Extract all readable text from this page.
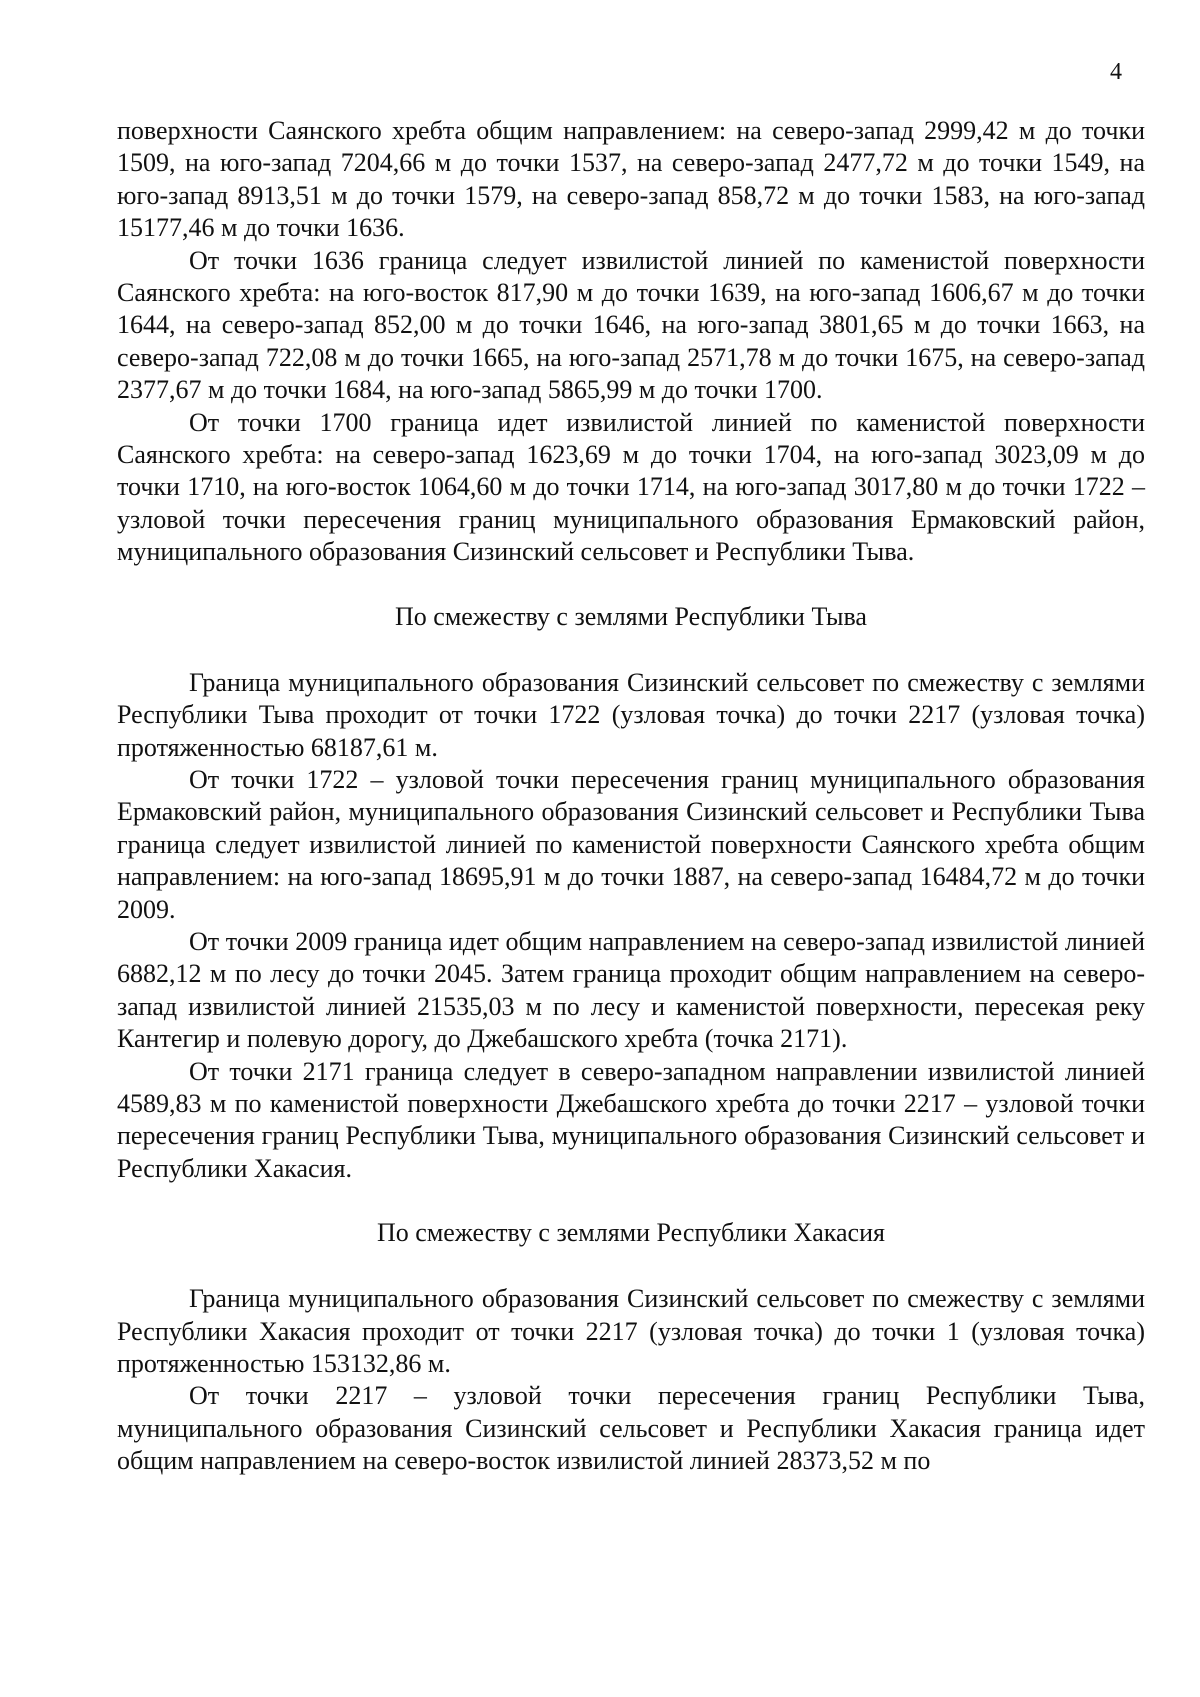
4

поверхности Саянского хребта общим направлением: на северо-запад 2999,42 м до точки 1509, на юго-запад 7204,66 м до точки 1537, на северо-запад 2477,72 м до точки 1549, на юго-запад 8913,51 м до точки 1579, на северо-запад 858,72 м до точки 1583, на юго-запад 15177,46 м до точки 1636.

От точки 1636 граница следует извилистой линией по каменистой поверхности Саянского хребта: на юго-восток 817,90 м до точки 1639, на юго-запад 1606,67 м до точки 1644, на северо-запад 852,00 м до точки 1646, на юго-запад 3801,65 м до точки 1663, на северо-запад 722,08 м до точки 1665, на юго-запад 2571,78 м до точки 1675, на северо-запад 2377,67 м до точки 1684, на юго-запад 5865,99 м до точки 1700.

От точки 1700 граница идет извилистой линией по каменистой поверхности Саянского хребта: на северо-запад 1623,69 м до точки 1704, на юго-запад 3023,09 м до точки 1710, на юго-восток 1064,60 м до точки 1714, на юго-запад 3017,80 м до точки 1722 – узловой точки пересечения границ муниципального образования Ермаковский район, муниципального образования Сизинский сельсовет и Республики Тыва.

По смежеству с землями Республики Тыва

Граница муниципального образования Сизинский сельсовет по смежеству с землями Республики Тыва проходит от точки 1722 (узловая точка) до точки 2217 (узловая точка) протяженностью 68187,61 м.

От точки 1722 – узловой точки пересечения границ муниципального образования Ермаковский район, муниципального образования Сизинский сельсовет и Республики Тыва граница следует извилистой линией по каменистой поверхности Саянского хребта общим направлением: на юго-запад 18695,91 м до точки 1887, на северо-запад 16484,72 м до точки 2009.

От точки 2009 граница идет общим направлением на северо-запад извилистой линией 6882,12 м по лесу до точки 2045. Затем граница проходит общим направлением на северо-запад извилистой линией 21535,03 м по лесу и каменистой поверхности, пересекая реку Кантегир и полевую дорогу, до Джебашского хребта (точка 2171).

От точки 2171 граница следует в северо-западном направлении извилистой линией 4589,83 м по каменистой поверхности Джебашского хребта до точки 2217 – узловой точки пересечения границ Республики Тыва, муниципального образования Сизинский сельсовет и Республики Хакасия.

По смежеству с землями Республики Хакасия

Граница муниципального образования Сизинский сельсовет по смежеству с землями Республики Хакасия проходит от точки 2217 (узловая точка) до точки 1 (узловая точка) протяженностью 153132,86 м.

От точки 2217 – узловой точки пересечения границ Республики Тыва, муниципального образования Сизинский сельсовет и Республики Хакасия граница идет общим направлением на северо-восток извилистой линией 28373,52 м по
